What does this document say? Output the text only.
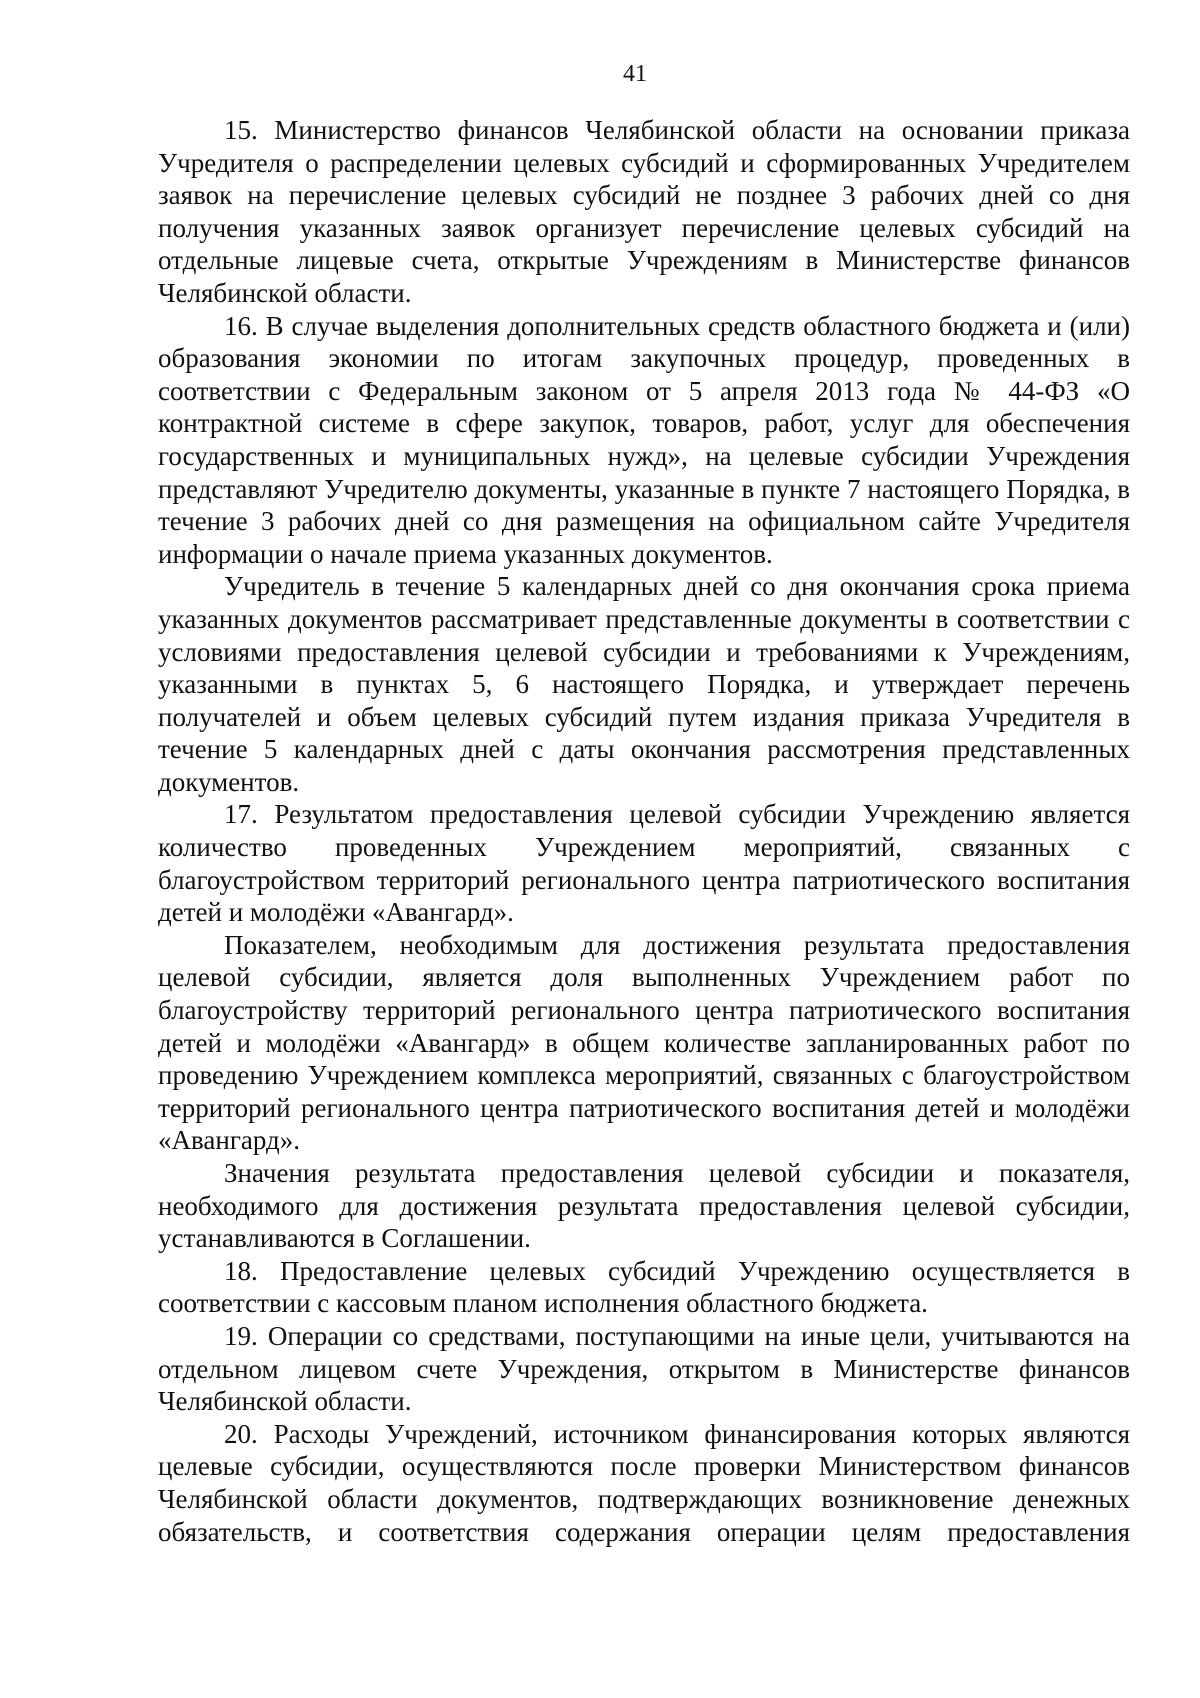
41

15. Министерство финансов Челябинской области на основании приказа Учредителя о распределении целевых субсидий и сформированных Учредителем заявок на перечисление целевых субсидий не позднее 3 рабочих дней со дня получения указанных заявок организует перечисление целевых субсидий на отдельные лицевые счета, открытые Учреждениям в Министерстве финансов Челябинской области.

16. В случае выделения дополнительных средств областного бюджета и (или) образования экономии по итогам закупочных процедур, проведенных в соответствии с Федеральным законом от 5 апреля 2013 года № 44-ФЗ «О контрактной системе в сфере закупок, товаров, работ, услуг для обеспечения государственных и муниципальных нужд», на целевые субсидии Учреждения представляют Учредителю документы, указанные в пункте 7 настоящего Порядка, в течение 3 рабочих дней со дня размещения на официальном сайте Учредителя информации о начале приема указанных документов.

Учредитель в течение 5 календарных дней со дня окончания срока приема указанных документов рассматривает представленные документы в соответствии с условиями предоставления целевой субсидии и требованиями к Учреждениям, указанными в пунктах 5, 6 настоящего Порядка, и утверждает перечень получателей и объем целевых субсидий путем издания приказа Учредителя в течение 5 календарных дней с даты окончания рассмотрения представленных документов.

17. Результатом предоставления целевой субсидии Учреждению является количество проведенных Учреждением мероприятий, связанных с благоустройством территорий регионального центра патриотического воспитания детей и молодёжи «Авангард».

Показателем, необходимым для достижения результата предоставления целевой субсидии, является доля выполненных Учреждением работ по благоустройству территорий регионального центра патриотического воспитания детей и молодёжи «Авангард» в общем количестве запланированных работ по проведению Учреждением комплекса мероприятий, связанных с благоустройством территорий регионального центра патриотического воспитания детей и молодёжи «Авангард».

Значения результата предоставления целевой субсидии и показателя, необходимого для достижения результата предоставления целевой субсидии, устанавливаются в Соглашении.

18. Предоставление целевых субсидий Учреждению осуществляется в соответствии с кассовым планом исполнения областного бюджета.

19. Операции со средствами, поступающими на иные цели, учитываются на отдельном лицевом счете Учреждения, открытом в Министерстве финансов Челябинской области.

20. Расходы Учреждений, источником финансирования которых являются целевые субсидии, осуществляются после проверки Министерством финансов Челябинской области документов, подтверждающих возникновение денежных обязательств, и соответствия содержания операции целям предоставления
